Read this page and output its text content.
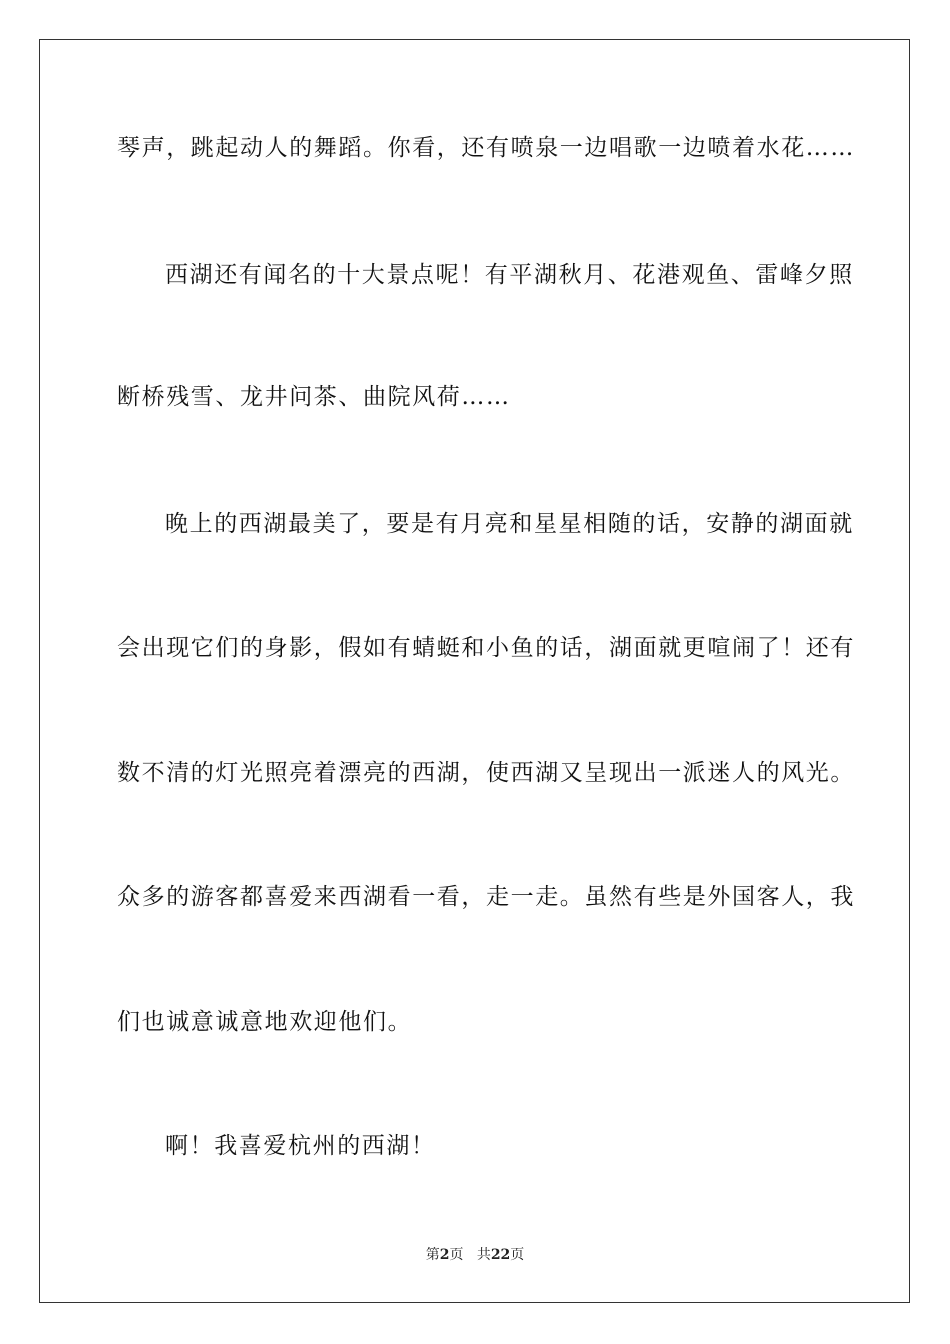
琴声，跳起动人的舞蹈。你看，还有喷泉一边唱歌一边喷着水花……
西湖还有闻名的十大景点呢！有平湖秋月、花港观鱼、雷峰夕照
断桥残雪、龙井问茶、曲院风荷……
晚上的西湖最美了，要是有月亮和星星相随的话，安静的湖面就
会出现它们的身影，假如有蜻蜓和小鱼的话，湖面就更喧闹了！还有
数不清的灯光照亮着漂亮的西湖，使西湖又呈现出一派迷人的风光。
众多的游客都喜爱来西湖看一看，走一走。虽然有些是外国客人，我
们也诚意诚意地欢迎他们。
啊！我喜爱杭州的西湖！
第2页 共22页
